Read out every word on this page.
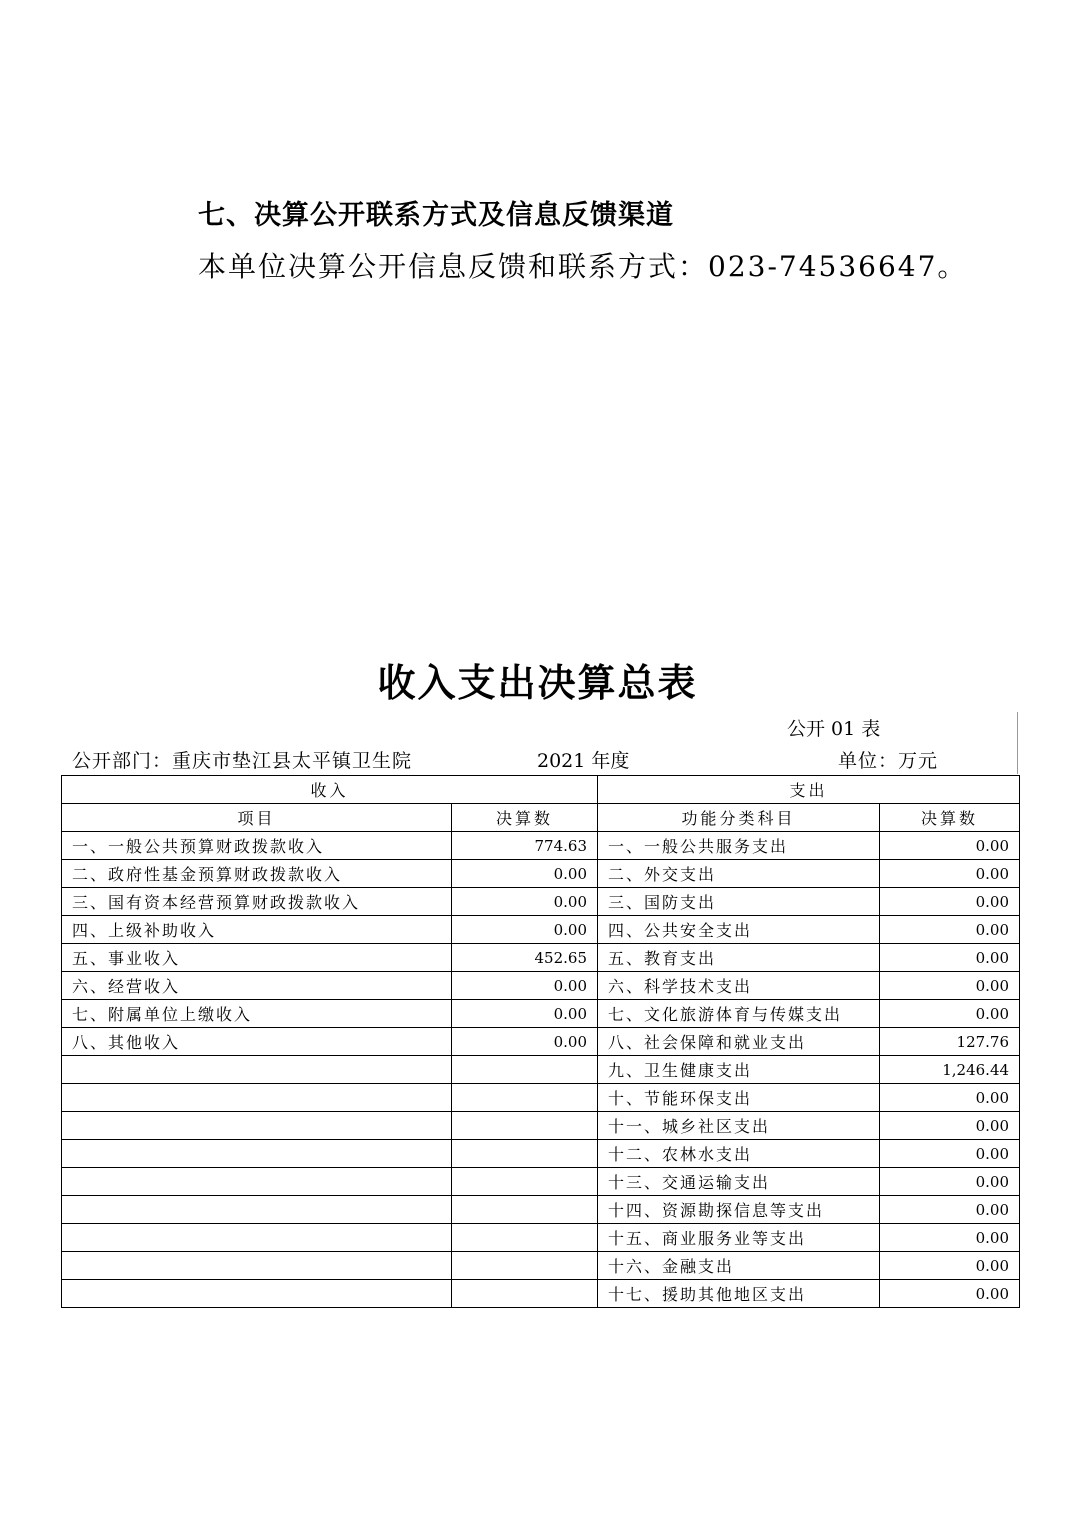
七、决算公开联系方式及信息反馈渠道

本单位决算公开信息反馈和联系方式：023-74536647。

收入支出决算总表
公开 01 表
公开部门：重庆市垫江县太平镇卫生院	2021 年度	单位：万元
收入		支出	
项目	决算数	功能分类科目	决算数
一、一般公共预算财政拨款收入	774.63	一、一般公共服务支出	0.00
二、政府性基金预算财政拨款收入	0.00	二、外交支出	0.00
三、国有资本经营预算财政拨款收入	0.00	三、国防支出	0.00
四、上级补助收入	0.00	四、公共安全支出	0.00
五、事业收入	452.65	五、教育支出	0.00
六、经营收入	0.00	六、科学技术支出	0.00
七、附属单位上缴收入	0.00	七、文化旅游体育与传媒支出	0.00
八、其他收入	0.00	八、社会保障和就业支出	127.76
		九、卫生健康支出	1,246.44
		十、节能环保支出	0.00
		十一、城乡社区支出	0.00
		十二、农林水支出	0.00
		十三、交通运输支出	0.00
		十四、资源勘探信息等支出	0.00
		十五、商业服务业等支出	0.00
		十六、金融支出	0.00
		十七、援助其他地区支出	0.00
